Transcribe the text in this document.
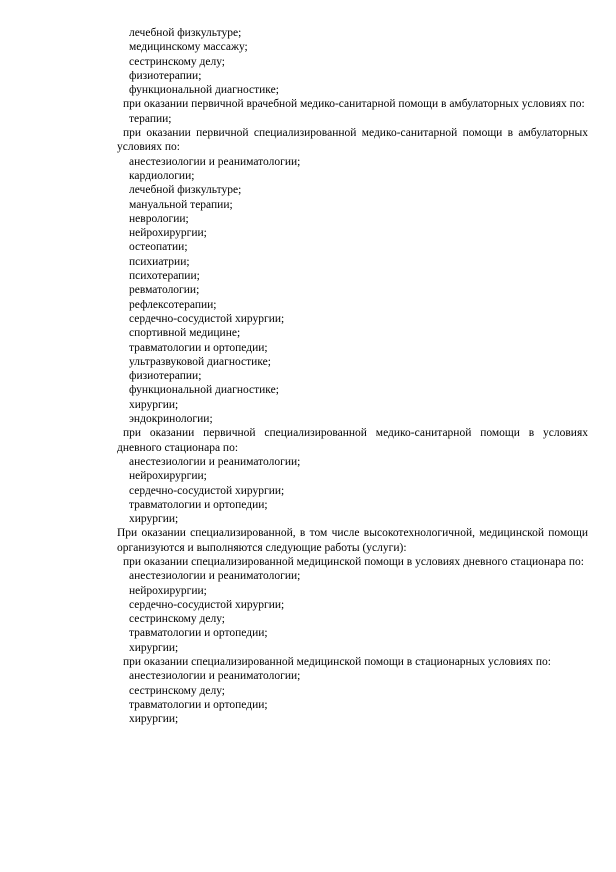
лечебной физкультуре;
медицинскому массажу;
сестринскому делу;
физиотерапии;
функциональной диагностике;
при оказании первичной врачебной медико-санитарной помощи в амбулаторных условиях по:
терапии;
при оказании первичной специализированной медико-санитарной помощи в амбулаторных условиях по:
анестезиологии и реаниматологии;
кардиологии;
лечебной физкультуре;
мануальной терапии;
неврологии;
нейрохирургии;
остеопатии;
психиатрии;
психотерапии;
ревматологии;
рефлексотерапии;
сердечно-сосудистой хирургии;
спортивной медицине;
травматологии и ортопедии;
ультразвуковой диагностике;
физиотерапии;
функциональной диагностике;
хирургии;
эндокринологии;
при оказании первичной специализированной медико-санитарной помощи в условиях дневного стационара по:
анестезиологии и реаниматологии;
нейрохирургии;
сердечно-сосудистой хирургии;
травматологии и ортопедии;
хирургии;
При оказании специализированной, в том числе высокотехнологичной, медицинской помощи организуются и выполняются следующие работы (услуги):
при оказании специализированной медицинской помощи в условиях дневного стационара по:
анестезиологии и реаниматологии;
нейрохирургии;
сердечно-сосудистой хирургии;
сестринскому делу;
травматологии и ортопедии;
хирургии;
при оказании специализированной медицинской помощи в стационарных условиях по:
анестезиологии и реаниматологии;
сестринскому делу;
травматологии и ортопедии;
хирургии;
